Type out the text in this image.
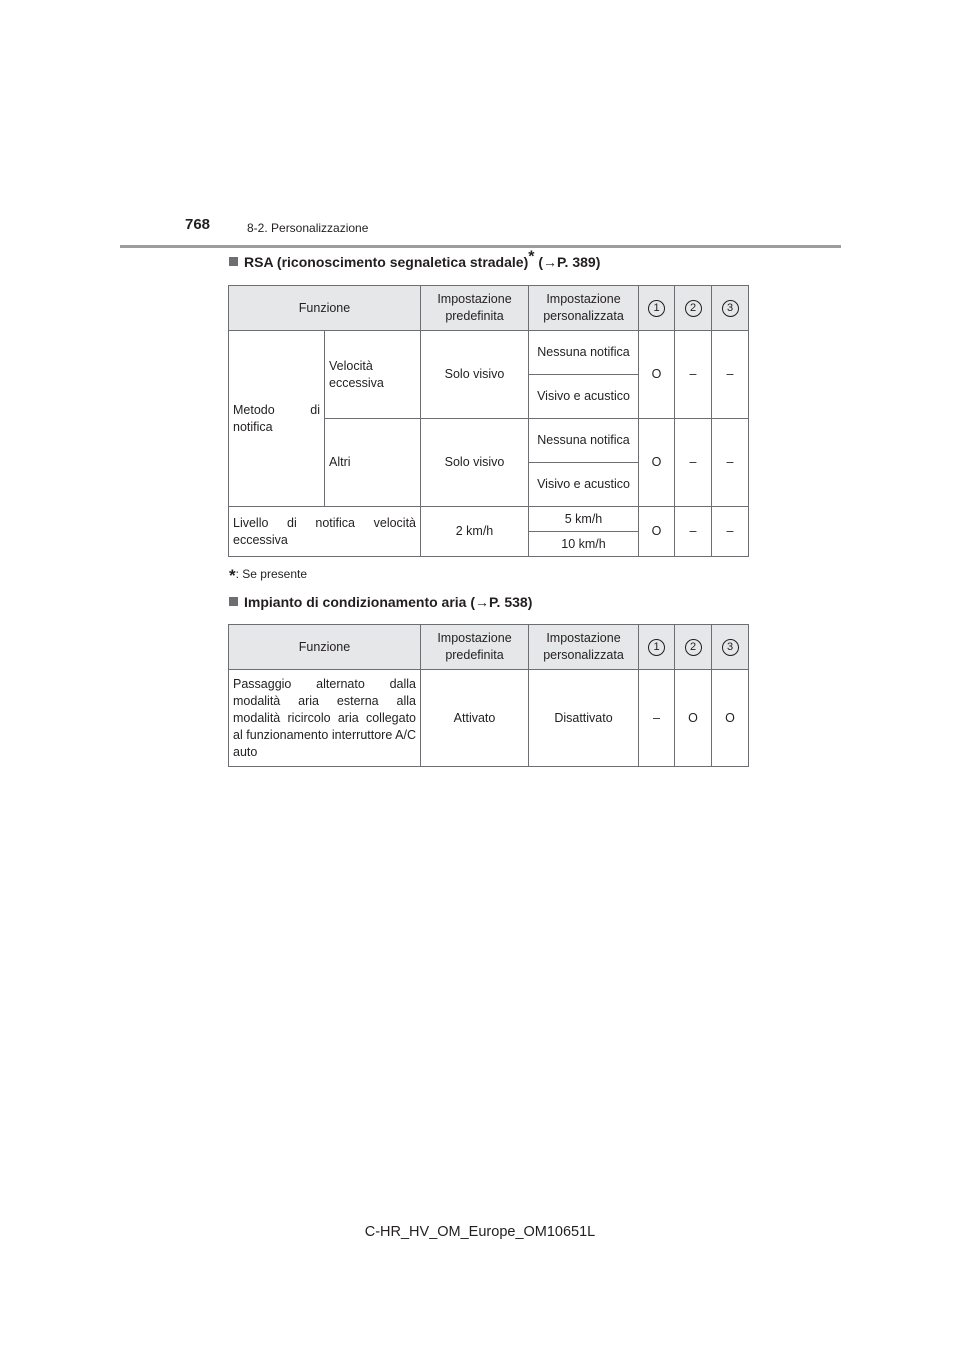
768	8-2. Personalizzazione
RSA (riconoscimento segnaletica stradale)* (→P. 389)
Funzione		Impostazione predefinita	Impostazione personalizzata	1	2	3
Metodo di notifica	Velocità eccessiva	Solo visivo	Nessuna notifica	O	–	–
			Visivo e acustico			
	Altri	Solo visivo	Nessuna notifica	O	–	–
			Visivo e acustico			
Livello di notifica velocità eccessiva		2 km/h	5 km/h	O	–	–
			10 km/h			
*: Se presente
Impianto di condizionamento aria (→P. 538)
Funzione	Impostazione predefinita	Impostazione personalizzata	1	2	3
Passaggio alternato dalla modalità aria esterna alla modalità ricircolo aria collegato al funzionamento interruttore A/C auto	Attivato	Disattivato	–	O	O
C-HR_HV_OM_Europe_OM10651L
